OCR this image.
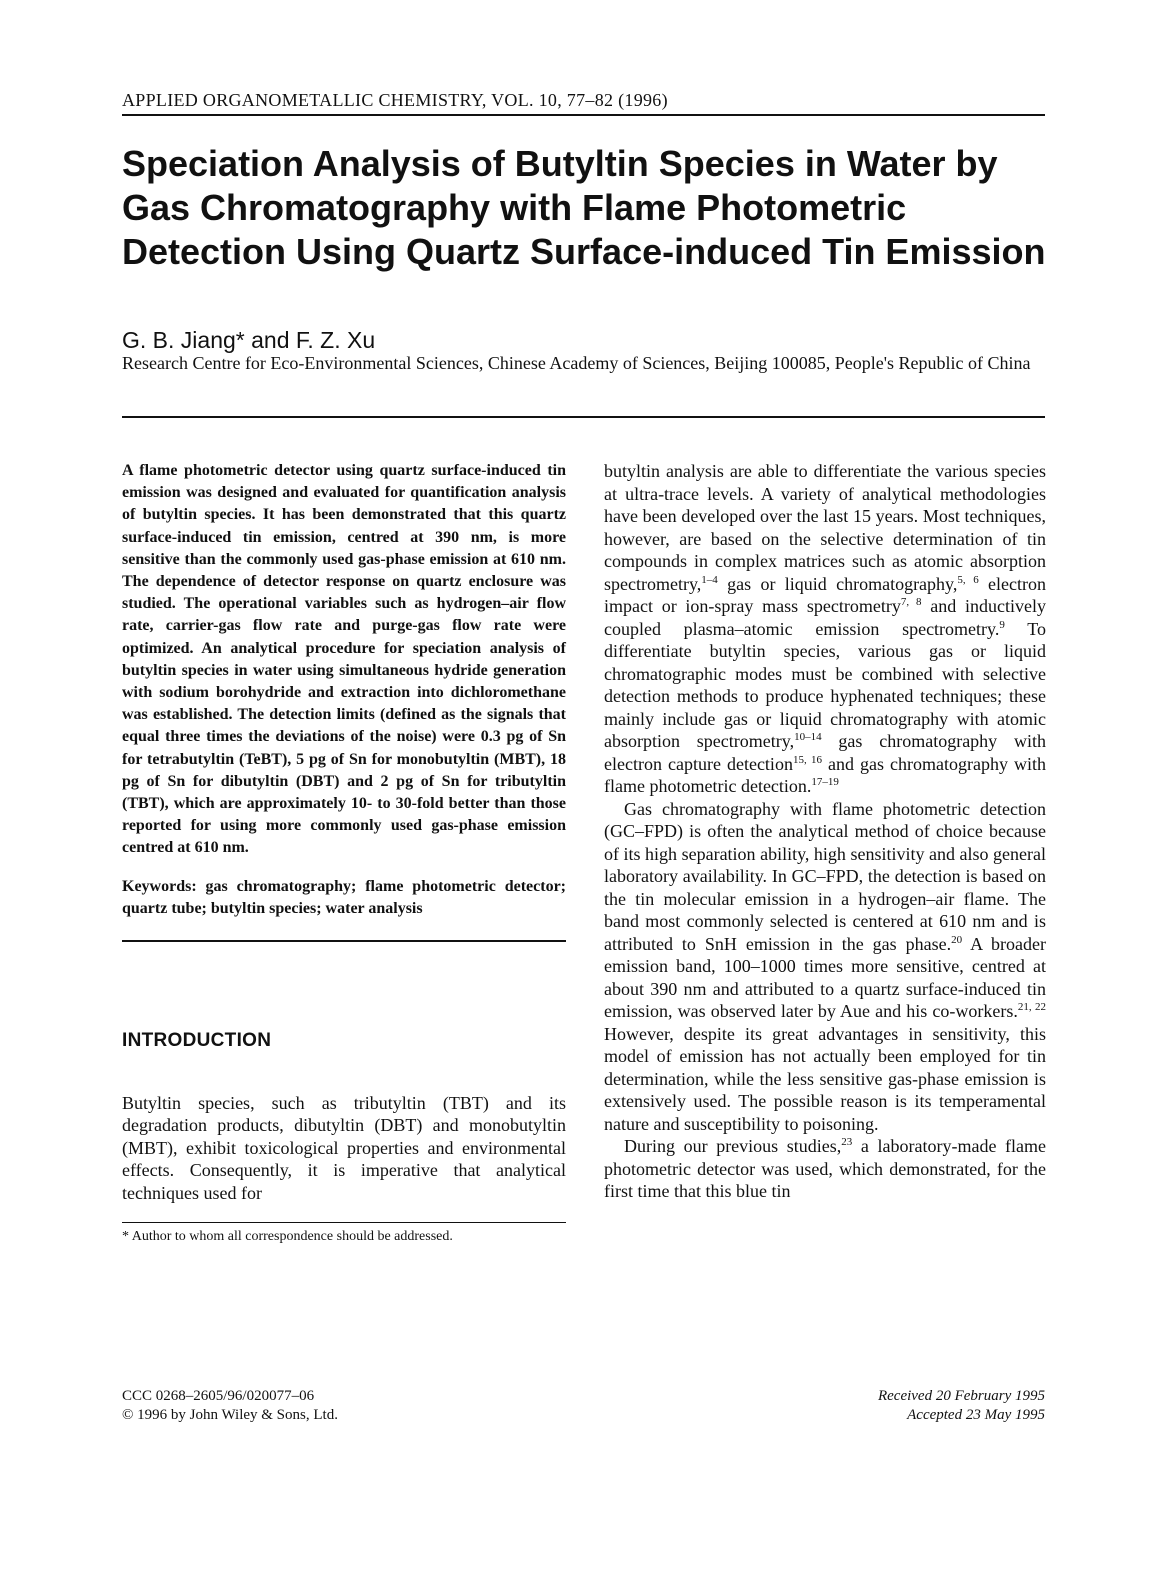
APPLIED ORGANOMETALLIC CHEMISTRY, VOL. 10, 77–82 (1996)
Speciation Analysis of Butyltin Species in Water by Gas Chromatography with Flame Photometric Detection Using Quartz Surface-induced Tin Emission
G. B. Jiang* and F. Z. Xu
Research Centre for Eco-Environmental Sciences, Chinese Academy of Sciences, Beijing 100085, People's Republic of China

A flame photometric detector using quartz surface-induced tin emission was designed and evaluated for quantification analysis of butyltin species. It has been demonstrated that this quartz surface-induced tin emission, centred at 390 nm, is more sensitive than the commonly used gas-phase emission at 610 nm. The dependence of detector response on quartz enclosure was studied. The operational variables such as hydrogen–air flow rate, carrier-gas flow rate and purge-gas flow rate were optimized. An analytical procedure for speciation analysis of butyltin species in water using simultaneous hydride generation with sodium borohydride and extraction into dichloromethane was established. The detection limits (defined as the signals that equal three times the deviations of the noise) were 0.3 pg of Sn for tetrabutyltin (TeBT), 5 pg of Sn for monobutyltin (MBT), 18 pg of Sn for dibutyltin (DBT) and 2 pg of Sn for tributyltin (TBT), which are approximately 10- to 30-fold better than those reported for using more commonly used gas-phase emission centred at 610 nm.

Keywords: gas chromatography; flame photometric detector; quartz tube; butyltin species; water analysis

INTRODUCTION

Butyltin species, such as tributyltin (TBT) and its degradation products, dibutyltin (DBT) and monobutyltin (MBT), exhibit toxicological properties and environmental effects. Consequently, it is imperative that analytical techniques used for

* Author to whom all correspondence should be addressed.

butyltin analysis are able to differentiate the various species at ultra-trace levels. A variety of analytical methodologies have been developed over the last 15 years. Most techniques, however, are based on the selective determination of tin compounds in complex matrices such as atomic absorption spectrometry,$^{1-4}$ gas or liquid chromatography,$^{5, 6}$ electron impact or ion-spray mass spectrometry$^{7, 8}$ and inductively coupled plasma–atomic emission spectrometry.$^9$ To differentiate butyltin species, various gas or liquid chromatographic modes must be combined with selective detection methods to produce hyphenated techniques; these mainly include gas or liquid chromatography with atomic absorption spectrometry,$^{10-14}$ gas chromatography with electron capture detection$^{15, 16}$ and gas chromatography with flame photometric detection.$^{17-19}$

Gas chromatography with flame photometric detection (GC–FPD) is often the analytical method of choice because of its high separation ability, high sensitivity and also general laboratory availability. In GC–FPD, the detection is based on the tin molecular emission in a hydrogen–air flame. The band most commonly selected is centered at 610 nm and is attributed to SnH emission in the gas phase.$^{20}$ A broader emission band, 100–1000 times more sensitive, centred at about 390 nm and attributed to a quartz surface-induced tin emission, was observed later by Aue and his co-workers.$^{21, 22}$ However, despite its great advantages in sensitivity, this model of emission has not actually been employed for tin determination, while the less sensitive gas-phase emission is extensively used. The possible reason is its temperamental nature and susceptibility to poisoning.

During our previous studies,$^{23}$ a laboratory-made flame photometric detector was used, which demonstrated, for the first time that this blue tin

CCC 0268–2605/96/020077–06
© 1996 by John Wiley & Sons, Ltd.
Received 20 February 1995
Accepted 23 May 1995
